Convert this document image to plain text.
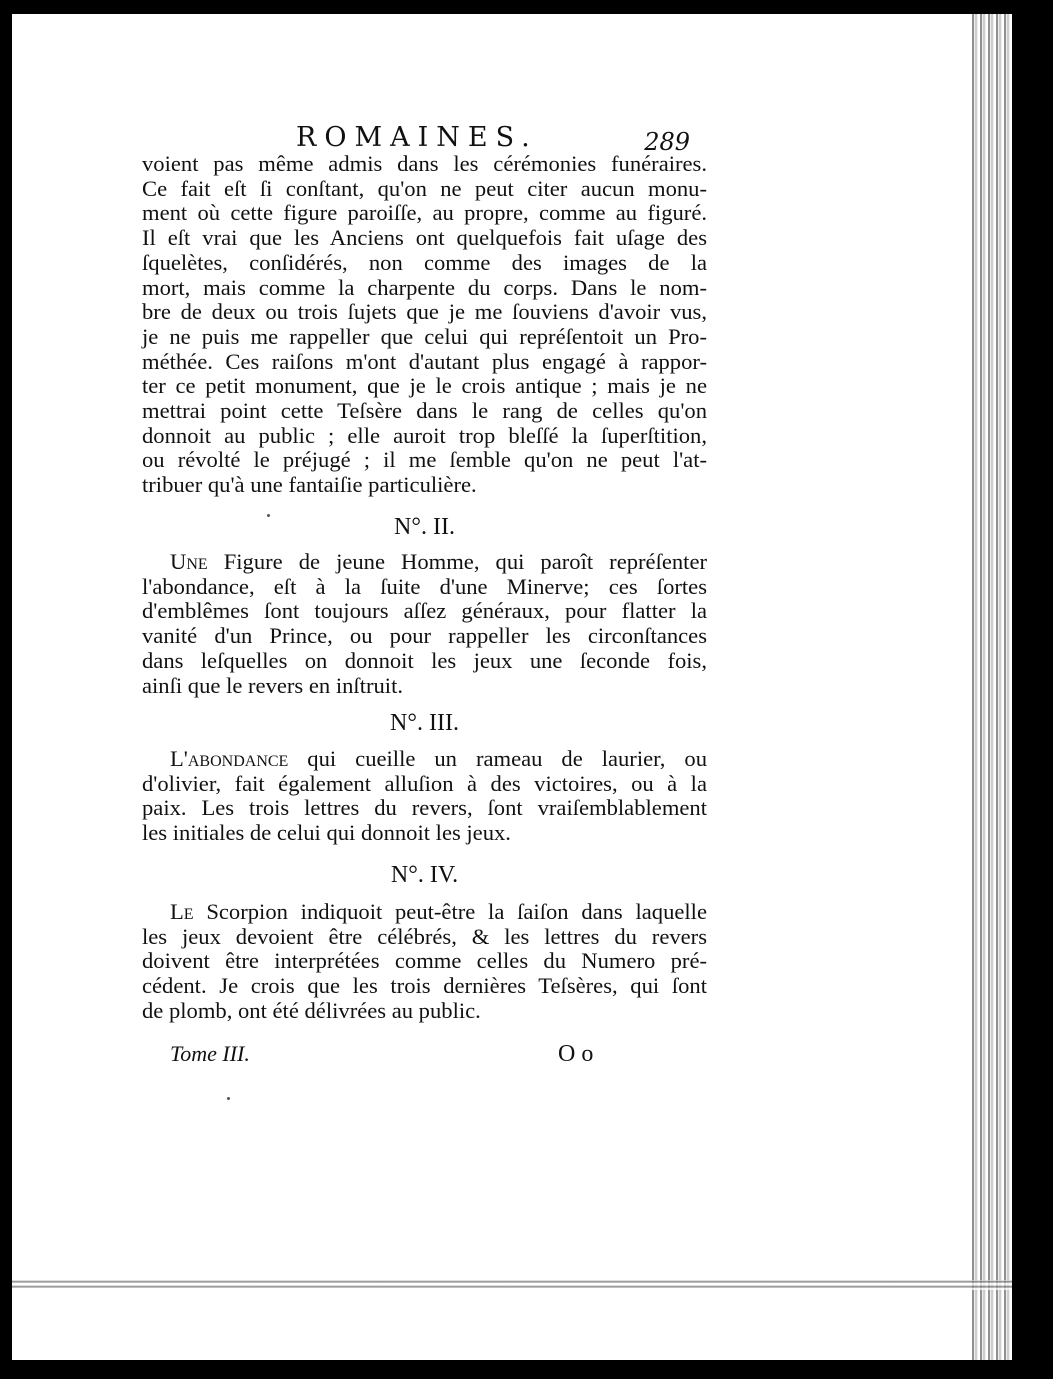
ROMAINES.	289

voient pas même admis dans les cérémonies funéraires.
Ce fait eſt ſi conſtant, qu'on ne peut citer aucun monu-
ment où cette figure paroiſſe, au propre, comme au figuré.
Il eſt vrai que les Anciens ont quelquefois fait uſage des
ſquelètes, conſidérés, non comme des images de la
mort, mais comme la charpente du corps. Dans le nom-
bre de deux ou trois ſujets que je me ſouviens d'avoir vus,
je ne puis me rappeller que celui qui repréſentoit un Pro-
méthée. Ces raiſons m'ont d'autant plus engagé à rappor-
ter ce petit monument, que je le crois antique ; mais je ne
mettrai point cette Teſsère dans le rang de celles qu'on
donnoit au public ; elle auroit trop bleſſé la ſuperſtition,
ou révolté le préjugé ; il me ſemble qu'on ne peut l'at-
tribuer qu'à une fantaiſie particulière.

N°. II.

Une Figure de jeune Homme, qui paroît repréſenter
l'abondance, eſt à la ſuite d'une Minerve; ces ſortes
d'emblêmes ſont toujours aſſez généraux, pour flatter la
vanité d'un Prince, ou pour rappeller les circonſtances
dans leſquelles on donnoit les jeux une ſeconde fois,
ainſi que le revers en inſtruit.

N°. III.

L'abondance qui cueille un rameau de laurier, ou
d'olivier, fait également alluſion à des victoires, ou à la
paix. Les trois lettres du revers, ſont vraiſemblablement
les initiales de celui qui donnoit les jeux.

N°. IV.

Le Scorpion indiquoit peut-être la ſaiſon dans laquelle
les jeux devoient être célébrés, & les lettres du revers
doivent être interprétées comme celles du Numero pré-
cédent. Je crois que les trois dernières Teſsères, qui ſont
de plomb, ont été délivrées au public.

Tome III.	Oo
